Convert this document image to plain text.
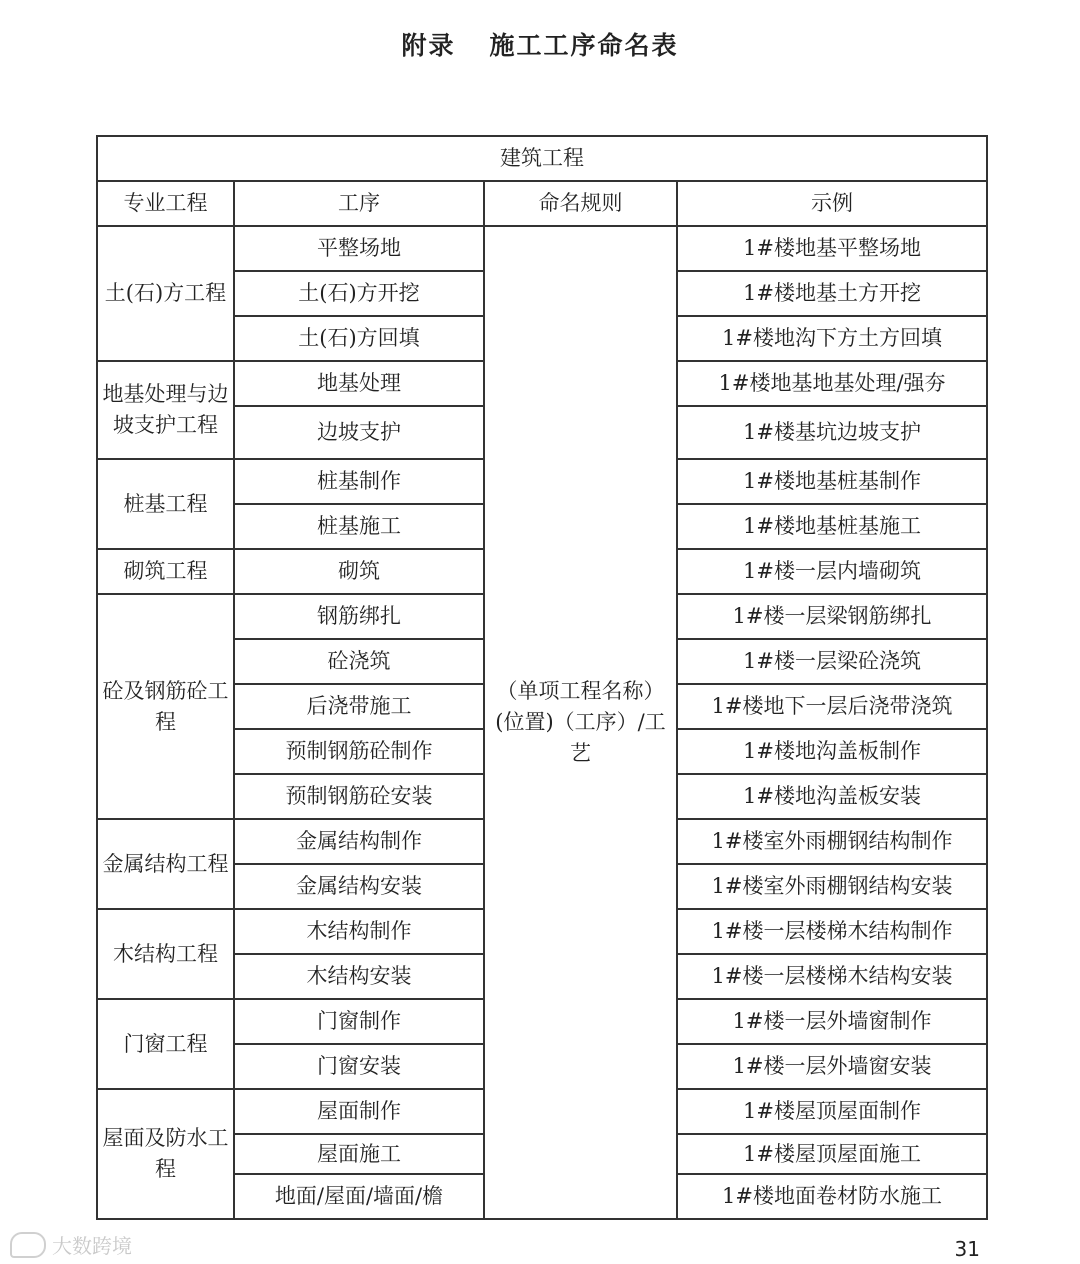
附录 施工工序命名表
建筑工程			
专业工程	工序	命名规则	示例
土(石)方工程	平整场地	（单项工程名称）(位置)（工序）/工艺	1#楼地基平整场地
	土(石)方开挖		1#楼地基土方开挖
	土(石)方回填		1#楼地沟下方土方回填
地基处理与边坡支护工程	地基处理		1#楼地基地基处理/强夯
	边坡支护		1#楼基坑边坡支护
桩基工程	桩基制作		1#楼地基桩基制作
	桩基施工		1#楼地基桩基施工
砌筑工程	砌筑		1#楼一层内墙砌筑
砼及钢筋砼工程	钢筋绑扎		1#楼一层梁钢筋绑扎
	砼浇筑		1#楼一层梁砼浇筑
	后浇带施工		1#楼地下一层后浇带浇筑
	预制钢筋砼制作		1#楼地沟盖板制作
	预制钢筋砼安装		1#楼地沟盖板安装
金属结构工程	金属结构制作		1#楼室外雨棚钢结构制作
	金属结构安装		1#楼室外雨棚钢结构安装
木结构工程	木结构制作		1#楼一层楼梯木结构制作
	木结构安装		1#楼一层楼梯木结构安装
门窗工程	门窗制作		1#楼一层外墙窗制作
	门窗安装		1#楼一层外墙窗安装
屋面及防水工程	屋面制作		1#楼屋顶屋面制作
	屋面施工		1#楼屋顶屋面施工
	地面/屋面/墙面/檐		1#楼地面卷材防水施工
31
大数跨境
